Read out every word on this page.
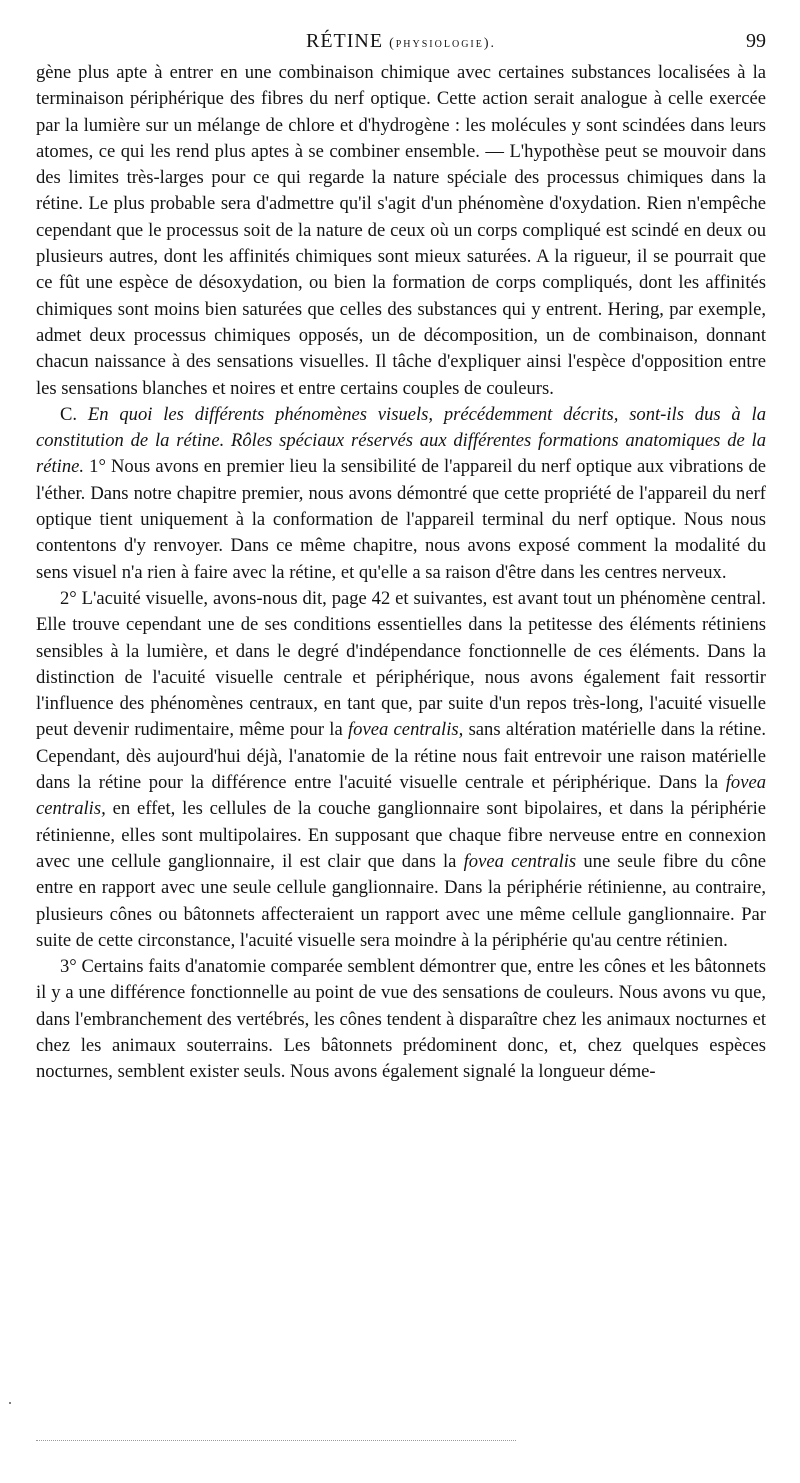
RÉTINE (physiologie).	99

gène plus apte à entrer en une combinaison chimique avec certaines substances localisées à la terminaison périphérique des fibres du nerf optique. Cette action serait analogue à celle exercée par la lumière sur un mélange de chlore et d'hydrogène : les molécules y sont scindées dans leurs atomes, ce qui les rend plus aptes à se combiner ensemble. — L'hypothèse peut se mouvoir dans des limites très-larges pour ce qui regarde la nature spéciale des processus chimiques dans la rétine. Le plus probable sera d'admettre qu'il s'agit d'un phénomène d'oxydation. Rien n'empêche cependant que le processus soit de la nature de ceux où un corps compliqué est scindé en deux ou plusieurs autres, dont les affinités chimiques sont mieux saturées. A la rigueur, il se pourrait que ce fût une espèce de désoxydation, ou bien la formation de corps compliqués, dont les affinités chimiques sont moins bien saturées que celles des substances qui y entrent. Hering, par exemple, admet deux processus chimiques opposés, un de décomposition, un de combinaison, donnant chacun naissance à des sensations visuelles. Il tâche d'expliquer ainsi l'espèce d'opposition entre les sensations blanches et noires et entre certains couples de couleurs.

C. En quoi les différents phénomènes visuels, précédemment décrits, sont-ils dus à la constitution de la rétine. Rôles spéciaux réservés aux différentes formations anatomiques de la rétine. 1° Nous avons en premier lieu la sensibilité de l'appareil du nerf optique aux vibrations de l'éther. Dans notre chapitre premier, nous avons démontré que cette propriété de l'appareil du nerf optique tient uniquement à la conformation de l'appareil terminal du nerf optique. Nous nous contentons d'y renvoyer. Dans ce même chapitre, nous avons exposé comment la modalité du sens visuel n'a rien à faire avec la rétine, et qu'elle a sa raison d'être dans les centres nerveux.

2° L'acuité visuelle, avons-nous dit, page 42 et suivantes, est avant tout un phénomène central. Elle trouve cependant une de ses conditions essentielles dans la petitesse des éléments rétiniens sensibles à la lumière, et dans le degré d'indépendance fonctionnelle de ces éléments. Dans la distinction de l'acuité visuelle centrale et périphérique, nous avons également fait ressortir l'influence des phénomènes centraux, en tant que, par suite d'un repos très-long, l'acuité visuelle peut devenir rudimentaire, même pour la fovea centralis, sans altération matérielle dans la rétine. Cependant, dès aujourd'hui déjà, l'anatomie de la rétine nous fait entrevoir une raison matérielle dans la rétine pour la différence entre l'acuité visuelle centrale et périphérique. Dans la fovea centralis, en effet, les cellules de la couche ganglionnaire sont bipolaires, et dans la périphérie rétinienne, elles sont multipolaires. En supposant que chaque fibre nerveuse entre en connexion avec une cellule ganglionnaire, il est clair que dans la fovea centralis une seule fibre du cône entre en rapport avec une seule cellule ganglionnaire. Dans la périphérie rétinienne, au contraire, plusieurs cônes ou bâtonnets affecteraient un rapport avec une même cellule ganglionnaire. Par suite de cette circonstance, l'acuité visuelle sera moindre à la périphérie qu'au centre rétinien.

3° Certains faits d'anatomie comparée semblent démontrer que, entre les cônes et les bâtonnets il y a une différence fonctionnelle au point de vue des sensations de couleurs. Nous avons vu que, dans l'embranchement des vertébrés, les cônes tendent à disparaître chez les animaux nocturnes et chez les animaux souterrains. Les bâtonnets prédominent donc, et, chez quelques espèces nocturnes, semblent exister seuls. Nous avons également signalé la longueur déme-
